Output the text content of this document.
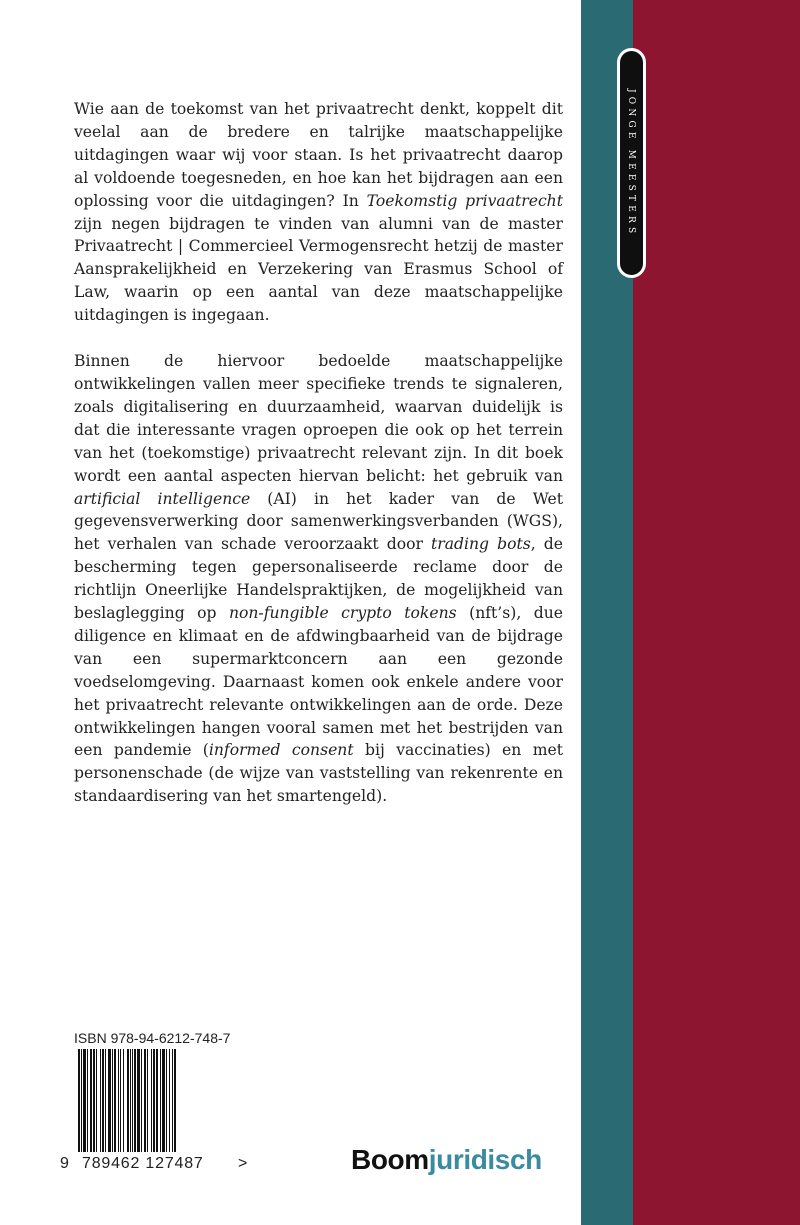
JONGE MEESTERS

Wie aan de toekomst van het privaatrecht denkt, koppelt dit veelal aan de bredere en talrijke maatschappelijke uitdagingen waar wij voor staan. Is het privaatrecht daarop al voldoende toegesneden, en hoe kan het bijdragen aan een oplossing voor die uitdagingen? In Toekomstig privaatrecht zijn negen bijdragen te vinden van alumni van de master Privaatrecht | Commercieel Vermogensrecht hetzij de master Aansprakelijkheid en Verzekering van Erasmus School of Law, waarin op een aantal van deze maatschappelijke uitdagingen is ingegaan.

Binnen de hiervoor bedoelde maatschappelijke ontwikkelingen vallen meer specifieke trends te signaleren, zoals digitalisering en duurzaamheid, waarvan duidelijk is dat die interessante vragen oproepen die ook op het terrein van het (toekomstige) privaatrecht relevant zijn. In dit boek wordt een aantal aspecten hiervan belicht: het gebruik van artificial intelligence (AI) in het kader van de Wet gegevensverwerking door samenwerkingsverbanden (WGS), het verhalen van schade veroorzaakt door trading bots, de bescherming tegen gepersonaliseerde reclame door de richtlijn Oneerlijke Handelspraktijken, de mogelijkheid van beslaglegging op non-fungible crypto tokens (nft’s), due diligence en klimaat en de afdwingbaarheid van de bijdrage van een supermarktconcern aan een gezonde voedselomgeving. Daarnaast komen ook enkele andere voor het privaatrecht relevante ontwikkelingen aan de orde. Deze ontwikkelingen hangen vooral samen met het bestrijden van een pandemie (informed consent bij vaccinaties) en met personenschade (de wijze van vaststelling van rekenrente en standaardisering van het smartengeld).

ISBN 978-94-6212-748-7
9 789462 127487 >	Boomjuridisch
